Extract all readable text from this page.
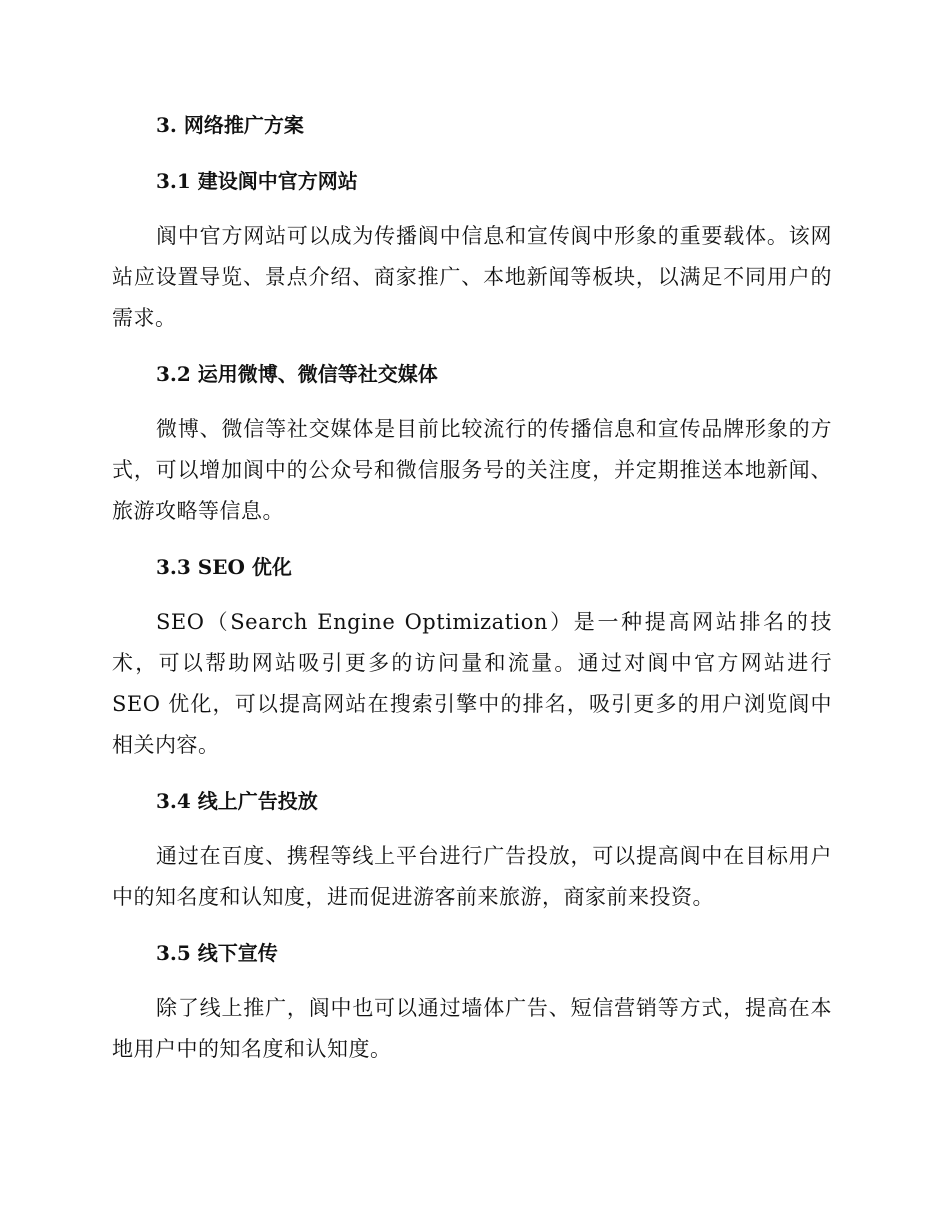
3. 网络推广方案
3.1 建设阆中官方网站

阆中官方网站可以成为传播阆中信息和宣传阆中形象的重要载体。该网站应设置导览、景点介绍、商家推广、本地新闻等板块，以满足不同用户的需求。

3.2 运用微博、微信等社交媒体

微博、微信等社交媒体是目前比较流行的传播信息和宣传品牌形象的方式，可以增加阆中的公众号和微信服务号的关注度，并定期推送本地新闻、旅游攻略等信息。

3.3 SEO 优化

SEO（Search Engine Optimization）是一种提高网站排名的技术，可以帮助网站吸引更多的访问量和流量。通过对阆中官方网站进行 SEO 优化，可以提高网站在搜索引擎中的排名，吸引更多的用户浏览阆中相关内容。

3.4 线上广告投放

通过在百度、携程等线上平台进行广告投放，可以提高阆中在目标用户中的知名度和认知度，进而促进游客前来旅游，商家前来投资。

3.5 线下宣传

除了线上推广，阆中也可以通过墙体广告、短信营销等方式，提高在本地用户中的知名度和认知度。
